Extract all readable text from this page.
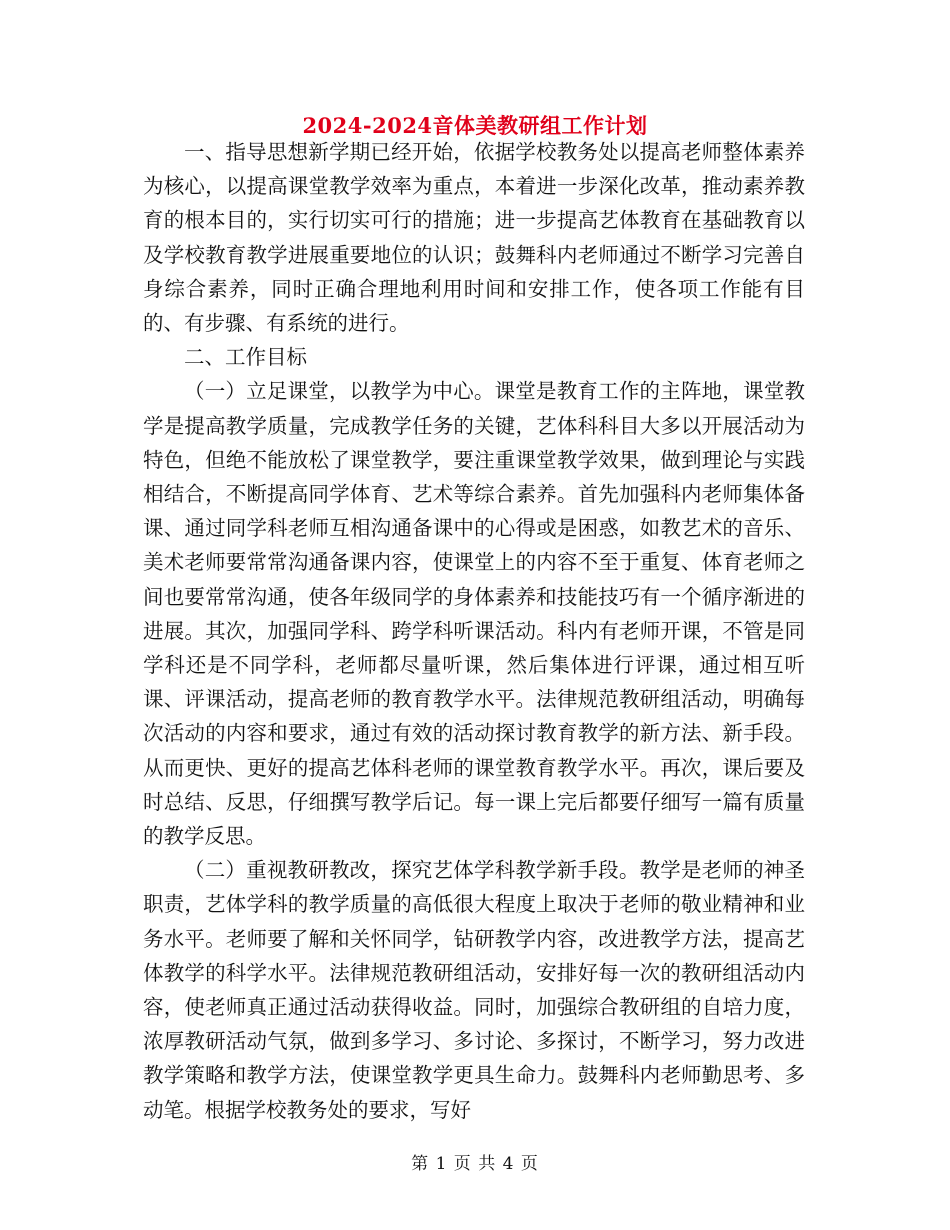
2024-2024音体美教研组工作计划

一、指导思想新学期已经开始，依据学校教务处以提高老师整体素养为核心，以提高课堂教学效率为重点，本着进一步深化改革，推动素养教育的根本目的，实行切实可行的措施；进一步提高艺体教育在基础教育以及学校教育教学进展重要地位的认识；鼓舞科内老师通过不断学习完善自身综合素养，同时正确合理地利用时间和安排工作，使各项工作能有目的、有步骤、有系统的进行。

二、工作目标

（一）立足课堂，以教学为中心。课堂是教育工作的主阵地，课堂教学是提高教学质量，完成教学任务的关键，艺体科科目大多以开展活动为特色，但绝不能放松了课堂教学，要注重课堂教学效果，做到理论与实践相结合，不断提高同学体育、艺术等综合素养。首先加强科内老师集体备课、通过同学科老师互相沟通备课中的心得或是困惑，如教艺术的音乐、美术老师要常常沟通备课内容，使课堂上的内容不至于重复、体育老师之间也要常常沟通，使各年级同学的身体素养和技能技巧有一个循序渐进的进展。其次，加强同学科、跨学科听课活动。科内有老师开课，不管是同学科还是不同学科，老师都尽量听课，然后集体进行评课，通过相互听课、评课活动，提高老师的教育教学水平。法律规范教研组活动，明确每次活动的内容和要求，通过有效的活动探讨教育教学的新方法、新手段。从而更快、更好的提高艺体科老师的课堂教育教学水平。再次，课后要及时总结、反思，仔细撰写教学后记。每一课上完后都要仔细写一篇有质量的教学反思。

（二）重视教研教改，探究艺体学科教学新手段。教学是老师的神圣职责，艺体学科的教学质量的高低很大程度上取决于老师的敬业精神和业务水平。老师要了解和关怀同学，钻研教学内容，改进教学方法，提高艺体教学的科学水平。法律规范教研组活动，安排好每一次的教研组活动内容，使老师真正通过活动获得收益。同时，加强综合教研组的自培力度，浓厚教研活动气氛，做到多学习、多讨论、多探讨，不断学习，努力改进教学策略和教学方法，使课堂教学更具生命力。鼓舞科内老师勤思考、多动笔。根据学校教务处的要求，写好

第 1 页 共 4 页
